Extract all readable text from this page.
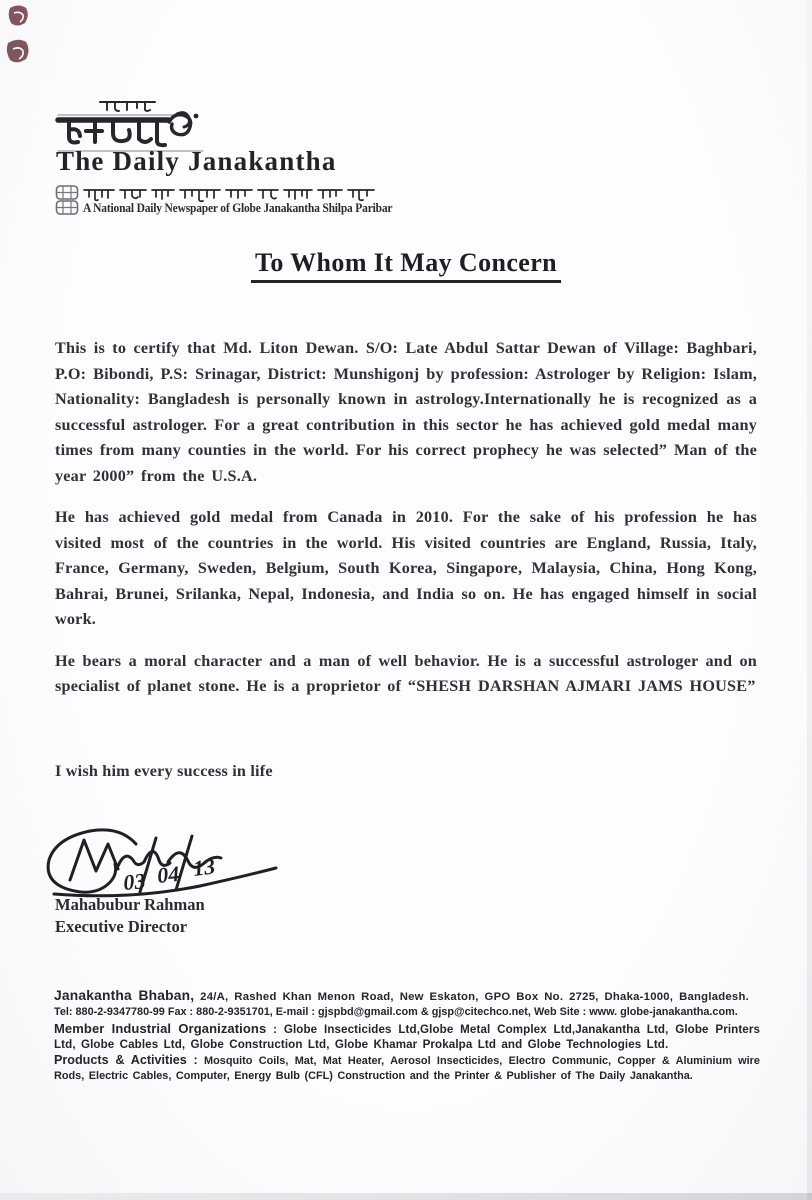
The Daily Janakantha
A National Daily Newspaper of Globe Janakantha Shilpa Paribar
To Whom It May Concern

This is to certify that Md. Liton Dewan. S/O: Late Abdul Sattar Dewan of Village: Baghbari, P.O: Bibondi, P.S: Srinagar, District: Munshigonj by profession: Astrologer by Religion: Islam, Nationality: Bangladesh is personally known in astrology.Internationally he is recognized as a successful astrologer. For a great contribution in this sector he has achieved gold medal many times from many counties in the world. For his correct prophecy he was selected” Man of the year 2000” from the U.S.A.

He has achieved gold medal from Canada in 2010. For the sake of his profession he has visited most of the countries in the world. His visited countries are England, Russia, Italy, France, Germany, Sweden, Belgium, South Korea, Singapore, Malaysia, China, Hong Kong, Bahrai, Brunei, Srilanka, Nepal, Indonesia, and India so on. He has engaged himself in social work.

He bears a moral character and a man of well behavior. He is a successful astrologer and on specialist of planet stone. He is a proprietor of “SHESH DARSHAN AJMARI JAMS HOUSE”

I wish him every success in life
03 04 13
Mahabubur Rahman
Executive Director
Janakantha Bhaban, 24/A, Rashed Khan Menon Road, New Eskaton, GPO Box No. 2725, Dhaka-1000, Bangladesh.
Tel: 880-2-9347780-99 Fax : 880-2-9351701, E-mail : gjspbd@gmail.com & gjsp@citechco.net, Web Site : www. globe-janakantha.com.
Member Industrial Organizations : Globe Insecticides Ltd,Globe Metal Complex Ltd,Janakantha Ltd, Globe Printers Ltd, Globe Cables Ltd, Globe Construction Ltd, Globe Khamar Prokalpa Ltd and Globe Technologies Ltd.
Products & Activities : Mosquito Coils, Mat, Mat Heater, Aerosol Insecticides, Electro Communic, Copper & Aluminium wire Rods, Electric Cables, Computer, Energy Bulb (CFL) Construction and the Printer & Publisher of The Daily Janakantha.
